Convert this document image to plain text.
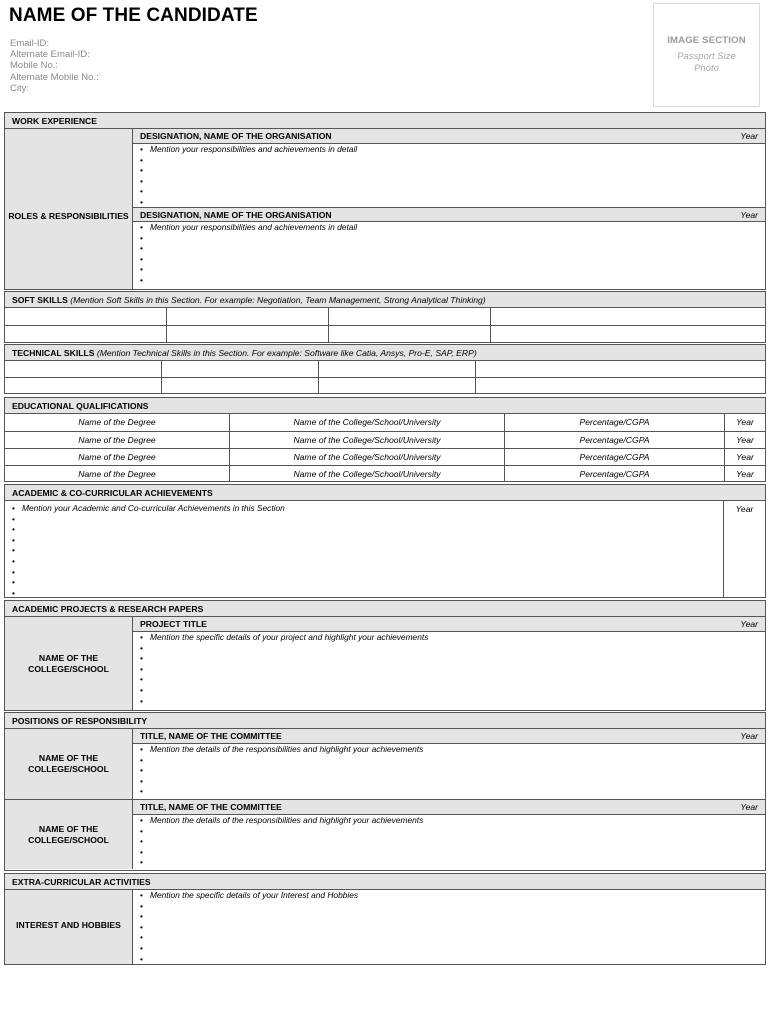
NAME OF THE CANDIDATE
Email-ID:
Alternate Email-ID:
Mobile No.:
Alternate Mobile No.:
City:
IMAGE SECTION
Passport Size
Photo
WORK EXPERIENCE
ROLES & RESPONSIBILITIES
DESIGNATION, NAME OF THE ORGANISATION	Year
• Mention your responsibilities and achievements in detail
•
•
•
•
•
DESIGNATION, NAME OF THE ORGANISATION	Year
• Mention your responsibilities and achievements in detail
•
•
•
•
•
SOFT SKILLS (Mention Soft Skills in this Section. For example: Negotiation, Team Management, Strong Analytical Thinking)
TECHNICAL SKILLS (Mention Technical Skills in this Section. For example: Software like Catia, Ansys, Pro-E, SAP, ERP)
EDUCATIONAL QUALIFICATIONS
Name of the Degree	Name of the College/School/University	Percentage/CGPA	Year
Name of the Degree	Name of the College/School/University	Percentage/CGPA	Year
Name of the Degree	Name of the College/School/University	Percentage/CGPA	Year
Name of the Degree	Name of the College/School/University	Percentage/CGPA	Year
ACADEMIC & CO-CURRICULAR ACHIEVEMENTS
• Mention your Academic and Co-curricular Achievements in this Section
•
•
•
•
•
•
•
•	Year
ACADEMIC PROJECTS & RESEARCH PAPERS
NAME OF THE COLLEGE/SCHOOL
PROJECT TITLE	Year
• Mention the specific details of your project and highlight your achievements
•
•
•
•
•
•
POSITIONS OF RESPONSIBILITY
NAME OF THE COLLEGE/SCHOOL
TITLE, NAME OF THE COMMITTEE	Year
• Mention the details of the responsibilities and highlight your achievements
•
•
•
•
NAME OF THE COLLEGE/SCHOOL
TITLE, NAME OF THE COMMITTEE	Year
• Mention the details of the responsibilities and highlight your achievements
•
•
•
•
EXTRA-CURRICULAR ACTIVITIES
INTEREST AND HOBBIES
• Mention the specific details of your Interest and Hobbies
•
•
•
•
•
•
